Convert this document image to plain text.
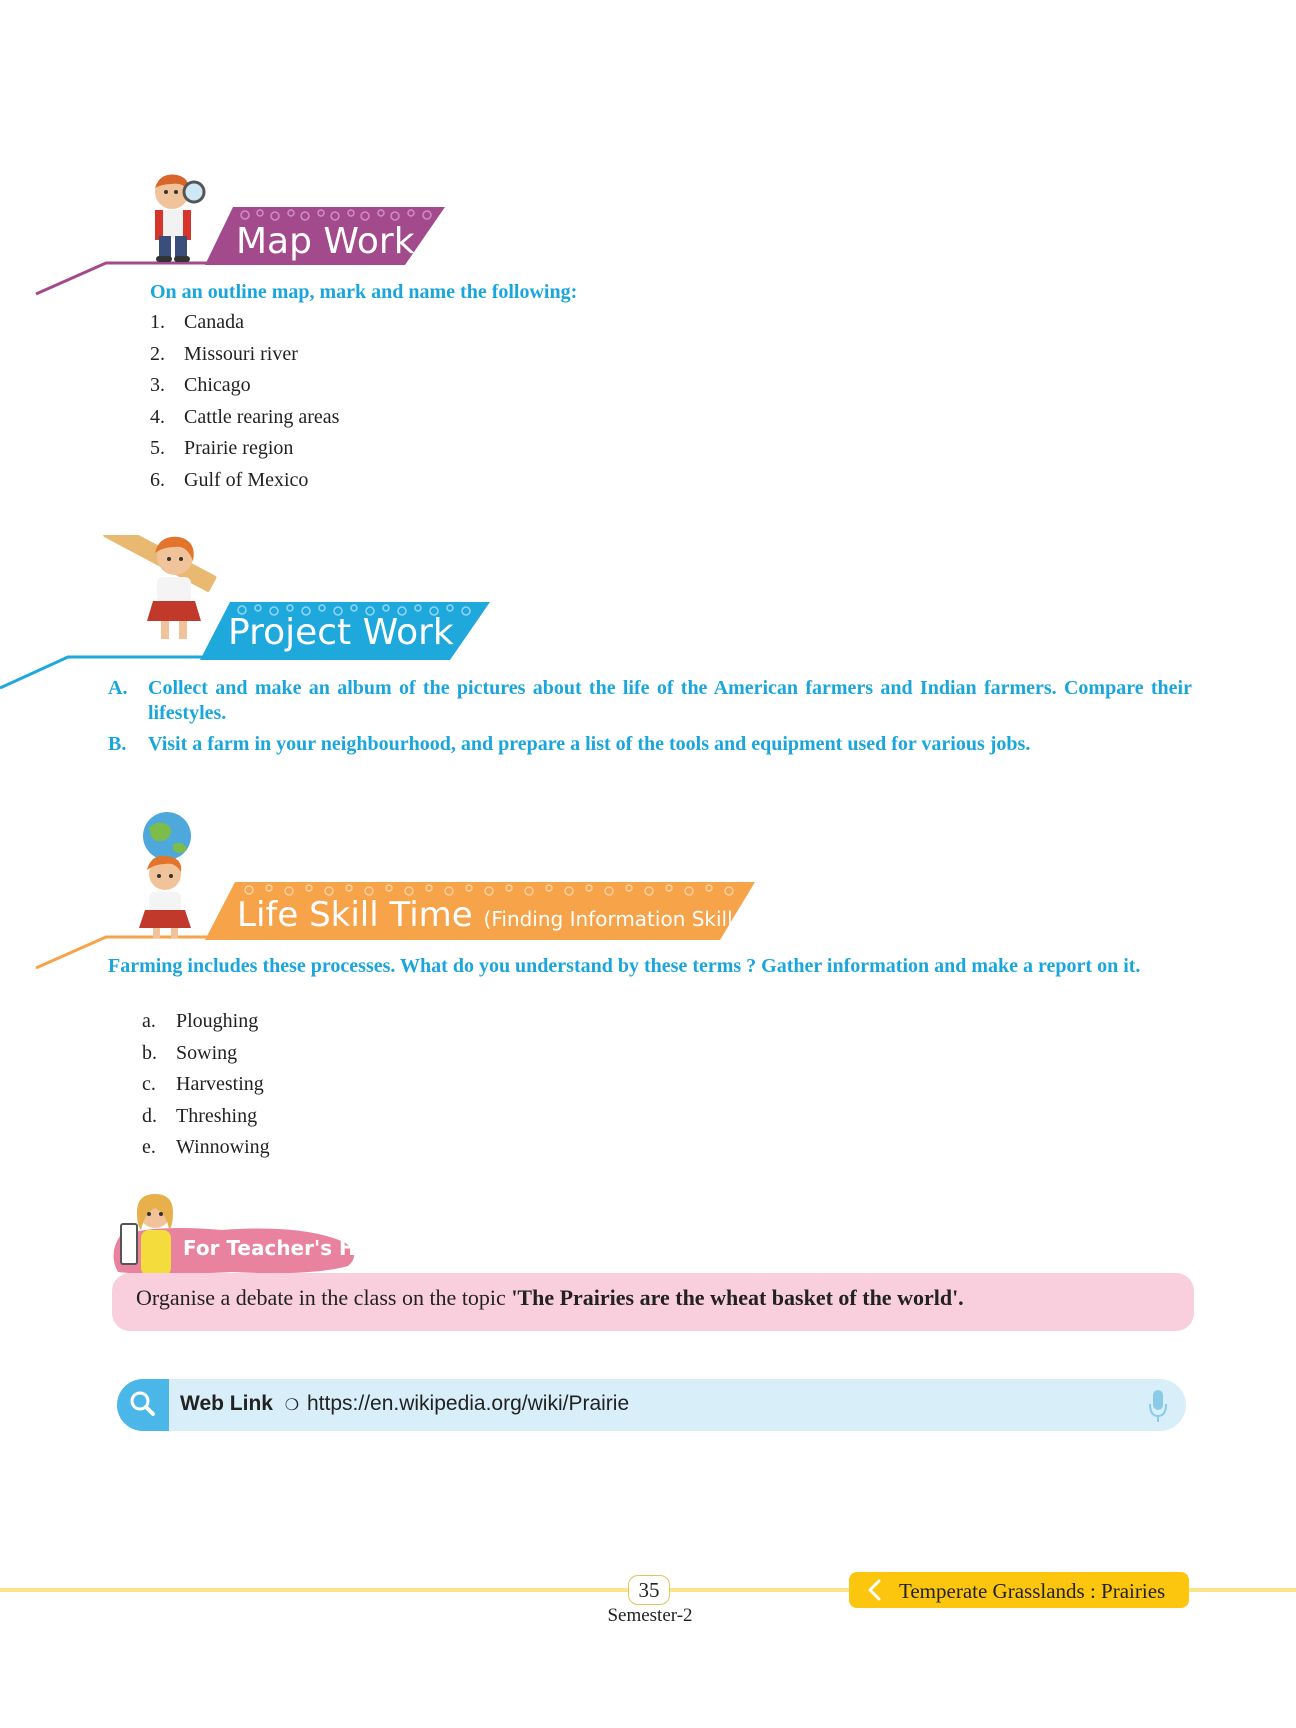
Map Work
On an outline map, mark and name the following:
1. Canada
2. Missouri river
3. Chicago
4. Cattle rearing areas
5. Prairie region
6. Gulf of Mexico
Project Work
A.	Collect and make an album of the pictures about the life of the American farmers and Indian farmers. Compare their lifestyles.
B.	Visit a farm in your neighbourhood, and prepare a list of the tools and equipment used for various jobs.
Life Skill Time (Finding Information Skills)
Farming includes these processes. What do you understand by these terms ? Gather information and make a report on it.
a.	Ploughing
b. Sowing
c.	Harvesting
d. Threshing
e.	Winnowing
For Teacher's Help
Organise a debate in the class on the topic 'The Prairies are the wheat basket of the world'.
Web Link ❍ https://en.wikipedia.org/wiki/Prairie
35
Semester-2
Temperate Grasslands : Prairies
